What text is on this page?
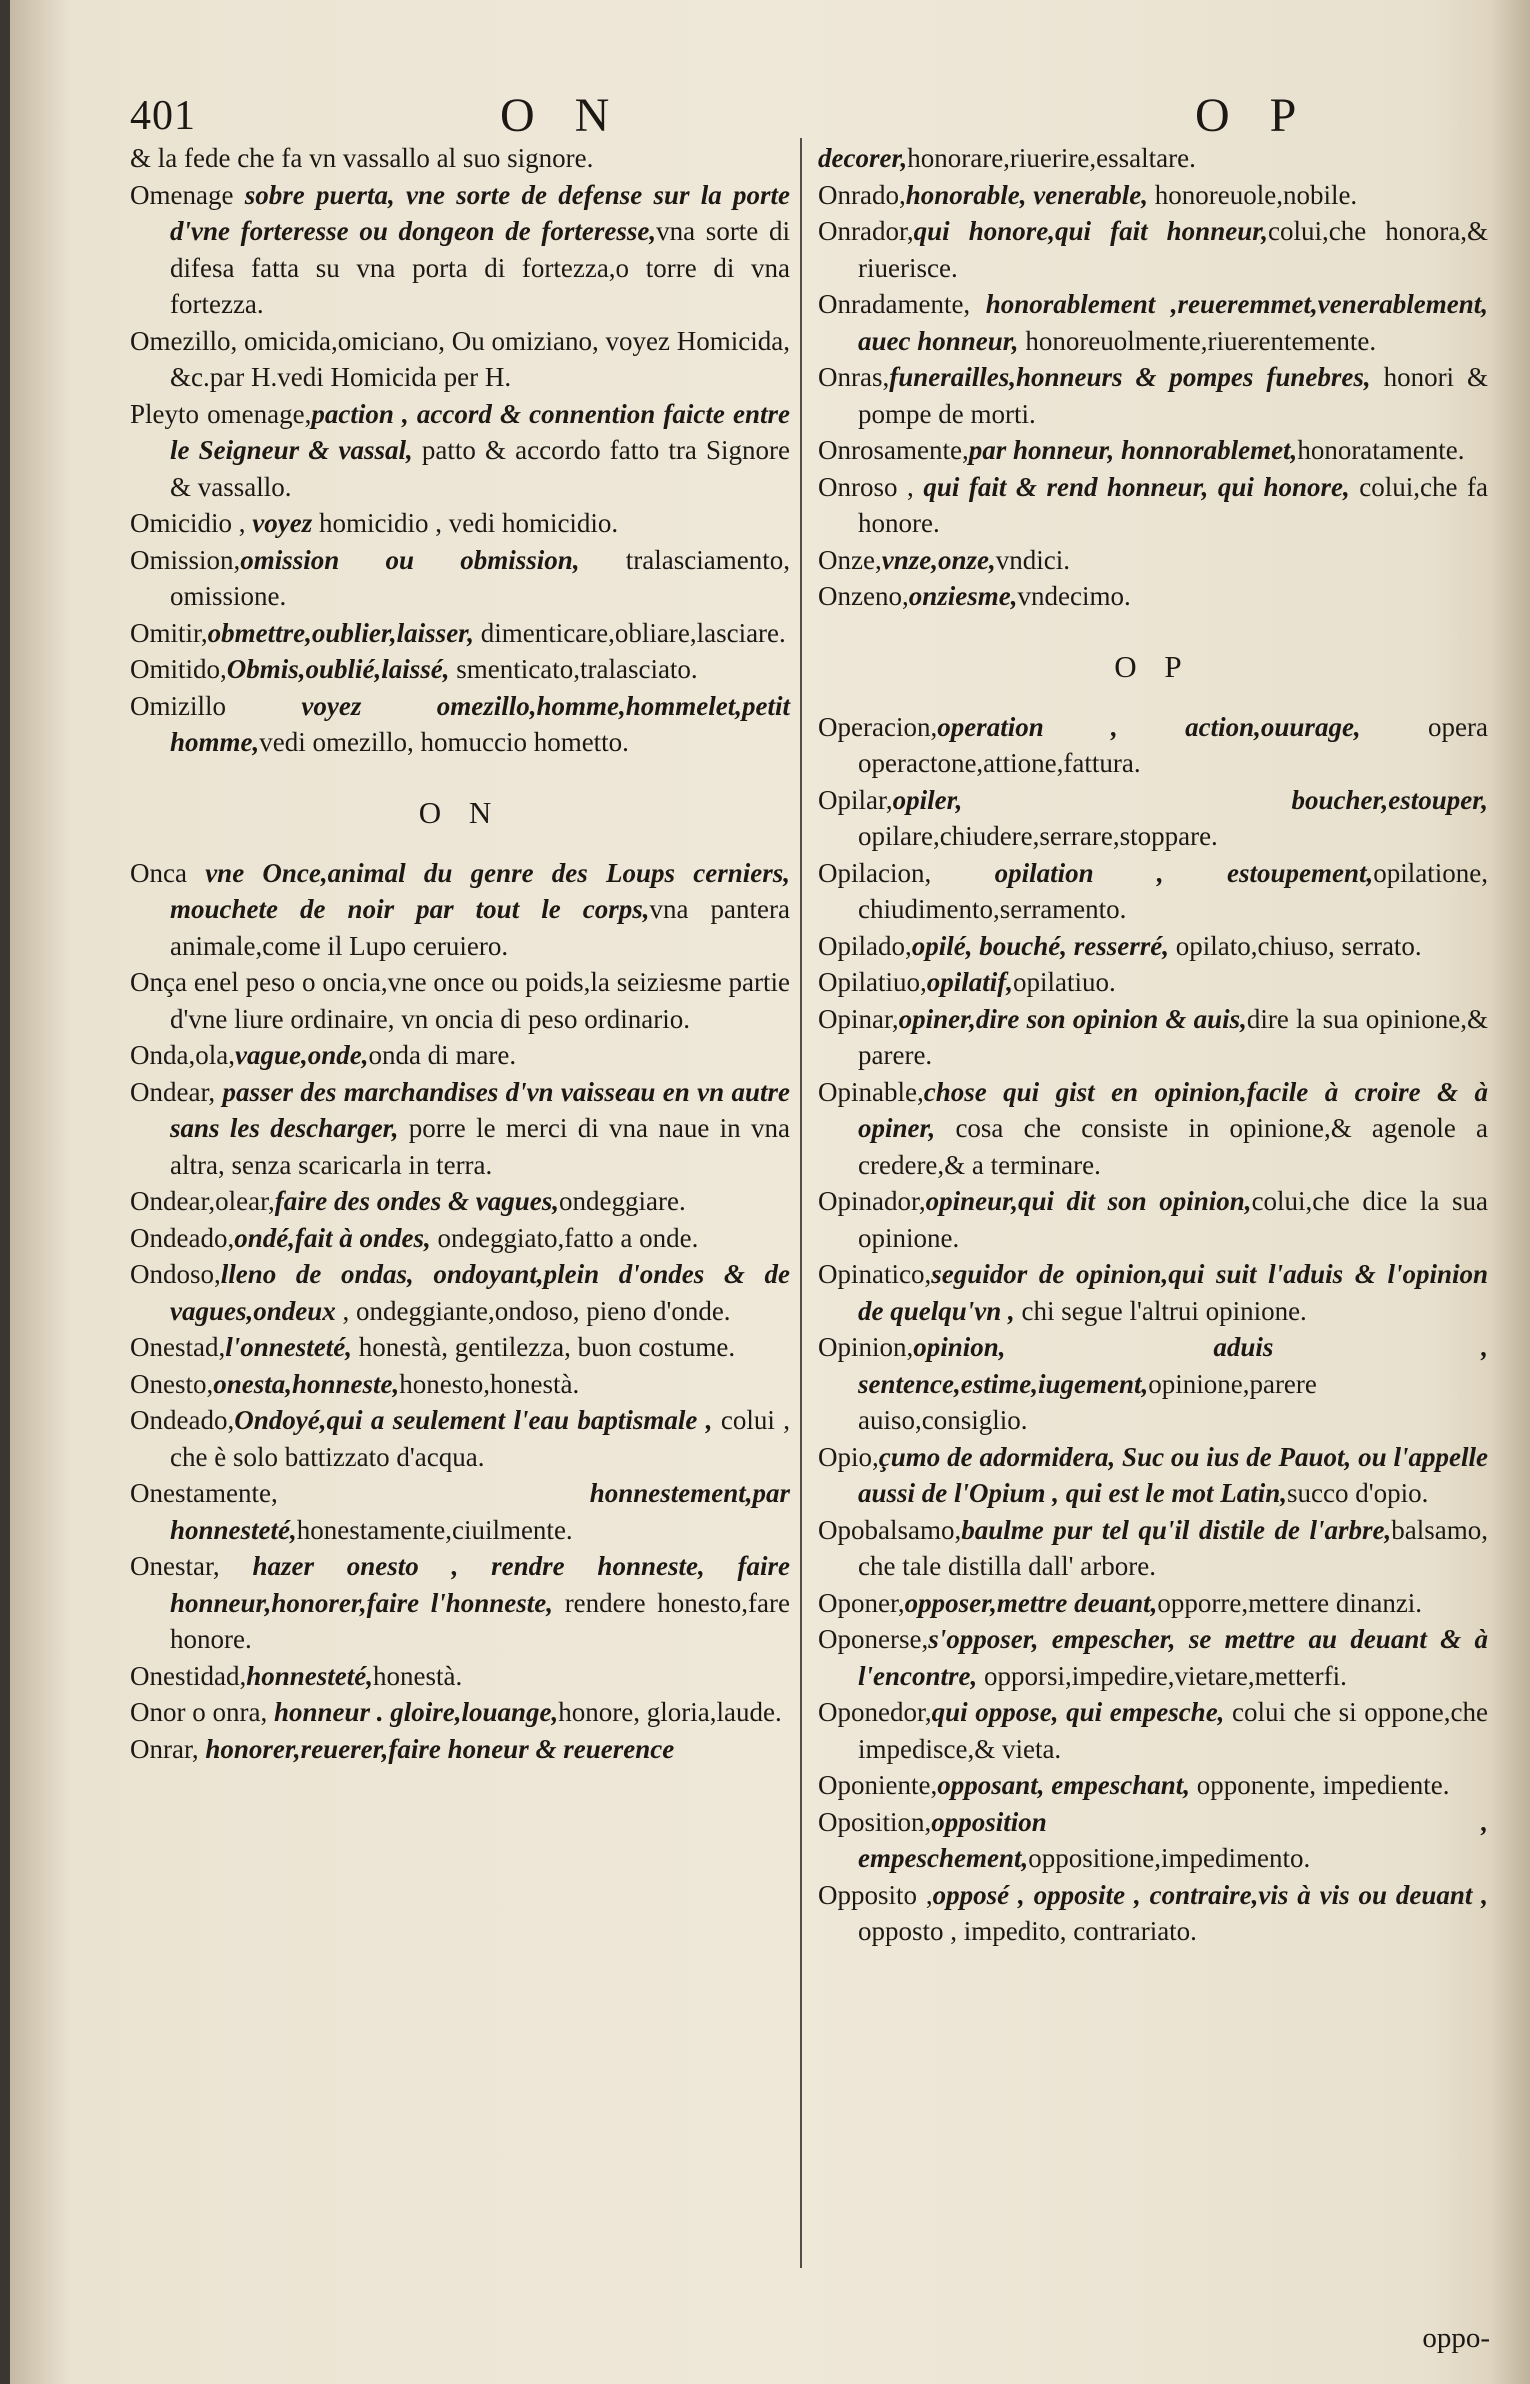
401	O N	O P

& la fede che fa vn vassallo al suo signore.

Omenage sobre puerta, vne sorte de defense sur la porte d'vne forteresse ou dongeon de forteresse,vna sorte di difesa fatta su vna porta di fortezza,o torre di vna fortezza.

Omezillo, omicida,omiciano, Ou omiziano, voyez Homicida, &c.par H.vedi Homicida per H.

Pleyto omenage,paction , accord & connention faicte entre le Seigneur & vassal, patto & accordo fatto tra Signore & vassallo.

Omicidio , voyez homicidio , vedi homicidio.

Omission,omission ou obmission, tralasciamento, omissione.

Omitir,obmettre,oublier,laisser, dimenticare,obliare,lasciare.

Omitido,Obmis,oublié,laissé, smenticato,tralasciato.

Omizillo voyez omezillo,homme,hommelet,petit homme,vedi omezillo, homuccio hometto.

O N

Onca vne Once,animal du genre des Loups cerniers, mouchete de noir par tout le corps,vna pantera animale,come il Lupo ceruiero.

Onça enel peso o oncia,vne once ou poids,la seiziesme partie d'vne liure ordinaire, vn oncia di peso ordinario.

Onda,ola,vague,onde,onda di mare.

Ondear, passer des marchandises d'vn vaisseau en vn autre sans les descharger, porre le merci di vna naue in vna altra, senza scaricarla in terra.

Ondear,olear,faire des ondes & vagues,ondeggiare.

Ondeado,ondé,fait à ondes, ondeggiato,fatto a onde.

Ondoso,lleno de ondas, ondoyant,plein d'ondes & de vagues,ondeux , ondeggiante,ondoso, pieno d'onde.

Onestad,l'onnesteté, honestà, gentilezza, buon costume.

Onesto,onesta,honneste,honesto,honestà.

Ondeado,Ondoyé,qui a seulement l'eau baptismale , colui , che è solo battizzato d'acqua.

Onestamente, honnestement,par honnesteté,honestamente,ciuilmente.

Onestar, hazer onesto , rendre honneste, faire honneur,honorer,faire l'honneste, rendere honesto,fare honore.

Onestidad,honnesteté,honestà.

Onor o onra, honneur . gloire,louange,honore, gloria,laude.

Onrar, honorer,reuerer,faire honeur & reuerence

decorer,honorare,riuerire,essaltare.

Onrado,honorable, venerable, honoreuole,nobile.

Onrador,qui honore,qui fait honneur,colui,che honora,& riuerisce.

Onradamente, honorablement ,reueremmet,venerablement, auec honneur, honoreuolmente,riuerentemente.

Onras,funerailles,honneurs & pompes funebres, honori & pompe de morti.

Onrosamente,par honneur, honnorablemet,honoratamente.

Onroso , qui fait & rend honneur, qui honore, colui,che fa honore.

Onze,vnze,onze,vndici.

Onzeno,onziesme,vndecimo.

O P

Operacion,operation , action,ouurage, opera operactone,attione,fattura.

Opilar,opiler, boucher,estouper, opilare,chiudere,serrare,stoppare.

Opilacion, opilation , estoupement,opilatione, chiudimento,serramento.

Opilado,opilé, bouché, resserré, opilato,chiuso, serrato.

Opilatiuo,opilatif,opilatiuo.

Opinar,opiner,dire son opinion & auis,dire la sua opinione,& parere.

Opinable,chose qui gist en opinion,facile à croire & à opiner, cosa che consiste in opinione,& agenole a credere,& a terminare.

Opinador,opineur,qui dit son opinion,colui,che dice la sua opinione.

Opinatico,seguidor de opinion,qui suit l'aduis & l'opinion de quelqu'vn , chi segue l'altrui opinione.

Opinion,opinion, aduis , sentence,estime,iugement,opinione,parere auiso,consiglio.

Opio,çumo de adormidera, Suc ou ius de Pauot, ou l'appelle aussi de l'Opium , qui est le mot Latin,succo d'opio.

Opobalsamo,baulme pur tel qu'il distile de l'arbre,balsamo, che tale distilla dall' arbore.

Oponer,opposer,mettre deuant,opporre,mettere dinanzi.

Oponerse,s'opposer, empescher, se mettre au deuant & à l'encontre, opporsi,impedire,vietare,metterfi.

Oponedor,qui oppose, qui empesche, colui che si oppone,che impedisce,& vieta.

Oponiente,opposant, empeschant, opponente, impediente.

Oposition,opposition , empeschement,oppositione,impedimento.

Opposito ,opposé , opposite , contraire,vis à vis ou deuant , opposto , impedito, contrariato.

oppo-
